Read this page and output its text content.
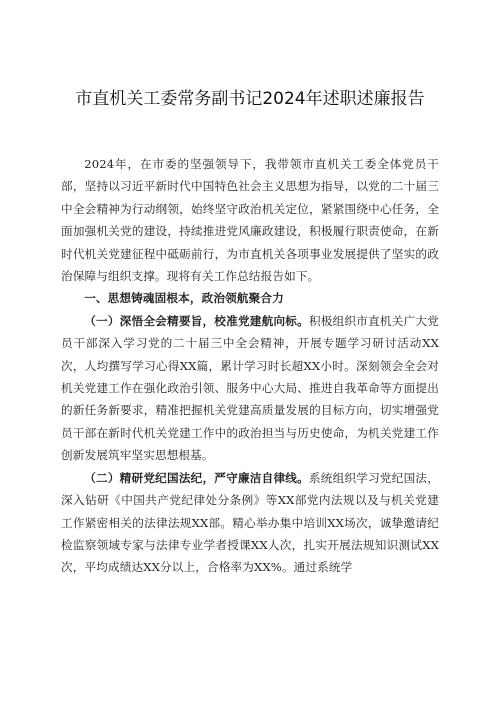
市直机关工委常务副书记2024年述职述廉报告

2024年，在市委的坚强领导下，我带领市直机关工委全体党员干部，坚持以习近平新时代中国特色社会主义思想为指导，以党的二十届三中全会精神为行动纲领，始终坚守政治机关定位，紧紧围绕中心任务，全面加强机关党的建设，持续推进党风廉政建设，积极履行职责使命，在新时代机关党建征程中砥砺前行，为市直机关各项事业发展提供了坚实的政治保障与组织支撑。现将有关工作总结报告如下。

一、思想铸魂固根本，政治领航聚合力

（一）深悟全会精要旨，校准党建航向标。积极组织市直机关广大党员干部深入学习党的二十届三中全会精神，开展专题学习研讨活动XX次，人均撰写学习心得XX篇，累计学习时长超XX小时。深刻领会全会对机关党建工作在强化政治引领、服务中心大局、推进自我革命等方面提出的新任务新要求，精准把握机关党建高质量发展的目标方向，切实增强党员干部在新时代机关党建工作中的政治担当与历史使命，为机关党建工作创新发展筑牢坚实思想根基。

（二）精研党纪国法纪，严守廉洁自律线。系统组织学习党纪国法，深入钻研《中国共产党纪律处分条例》等XX部党内法规以及与机关党建工作紧密相关的法律法规XX部。精心举办集中培训XX场次，诚挚邀请纪检监察领域专家与法律专业学者授课XX人次，扎实开展法规知识测试XX次，平均成绩达XX分以上，合格率为XX%。通过系统学
